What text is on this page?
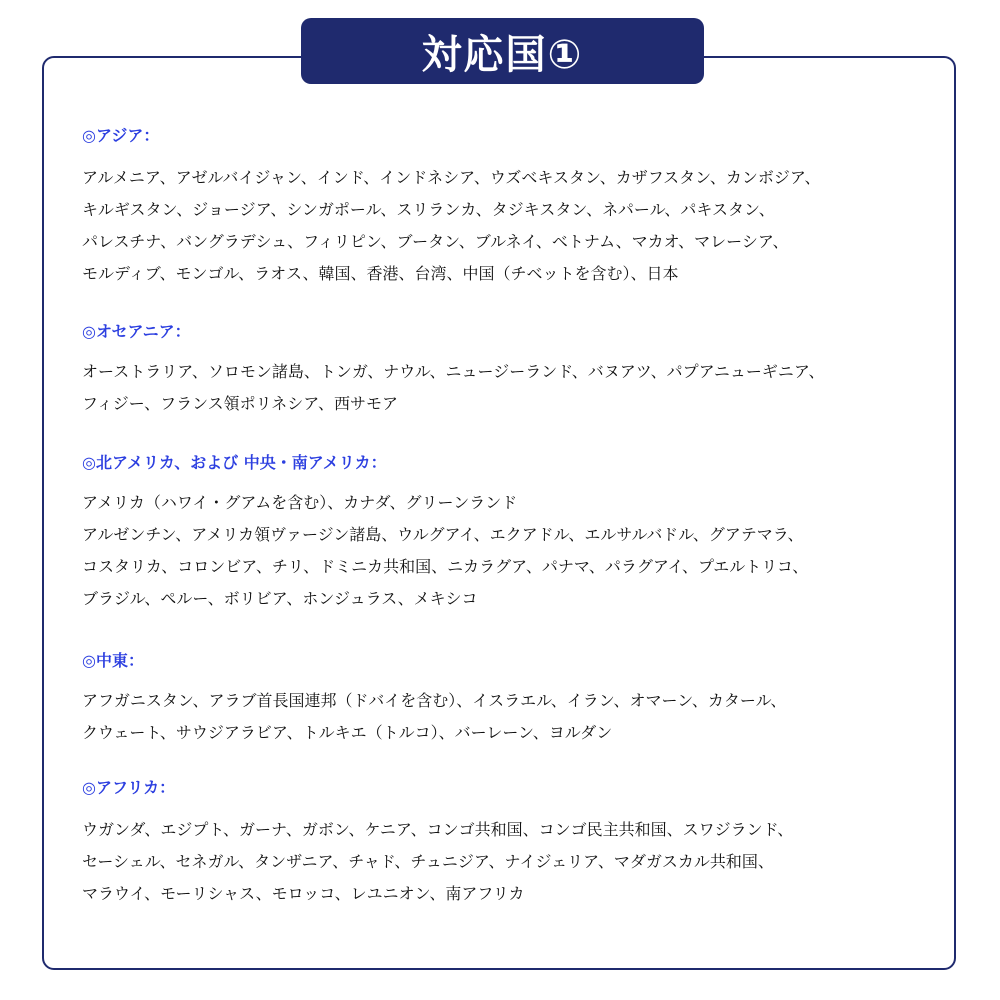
対応国①
◎アジア：
アルメニア、アゼルバイジャン、インド、インドネシア、ウズベキスタン、カザフスタン、カンボジア、
キルギスタン、ジョージア、シンガポール、スリランカ、タジキスタン、ネパール、パキスタン、
パレスチナ、バングラデシュ、フィリピン、ブータン、ブルネイ、ベトナム、マカオ、マレーシア、
モルディブ、モンゴル、ラオス、韓国、香港、台湾、中国（チベットを含む）、日本
◎オセアニア：
オーストラリア、ソロモン諸島、トンガ、ナウル、ニュージーランド、バヌアツ、パプアニューギニア、
フィジー、フランス領ポリネシア、西サモア
◎北アメリカ、および 中央・南アメリカ：
アメリカ（ハワイ・グアムを含む）、カナダ、グリーンランド
アルゼンチン、アメリカ領ヴァージン諸島、ウルグアイ、エクアドル、エルサルバドル、グアテマラ、
コスタリカ、コロンビア、チリ、ドミニカ共和国、ニカラグア、パナマ、パラグアイ、プエルトリコ、
ブラジル、ペルー、ボリビア、ホンジュラス、メキシコ
◎中東：
アフガニスタン、アラブ首長国連邦（ドバイを含む）、イスラエル、イラン、オマーン、カタール、
クウェート、サウジアラビア、トルキエ（トルコ）、バーレーン、ヨルダン
◎アフリカ：
ウガンダ、エジプト、ガーナ、ガボン、ケニア、コンゴ共和国、コンゴ民主共和国、スワジランド、
セーシェル、セネガル、タンザニア、チャド、チュニジア、ナイジェリア、マダガスカル共和国、
マラウイ、モーリシャス、モロッコ、レユニオン、南アフリカ
